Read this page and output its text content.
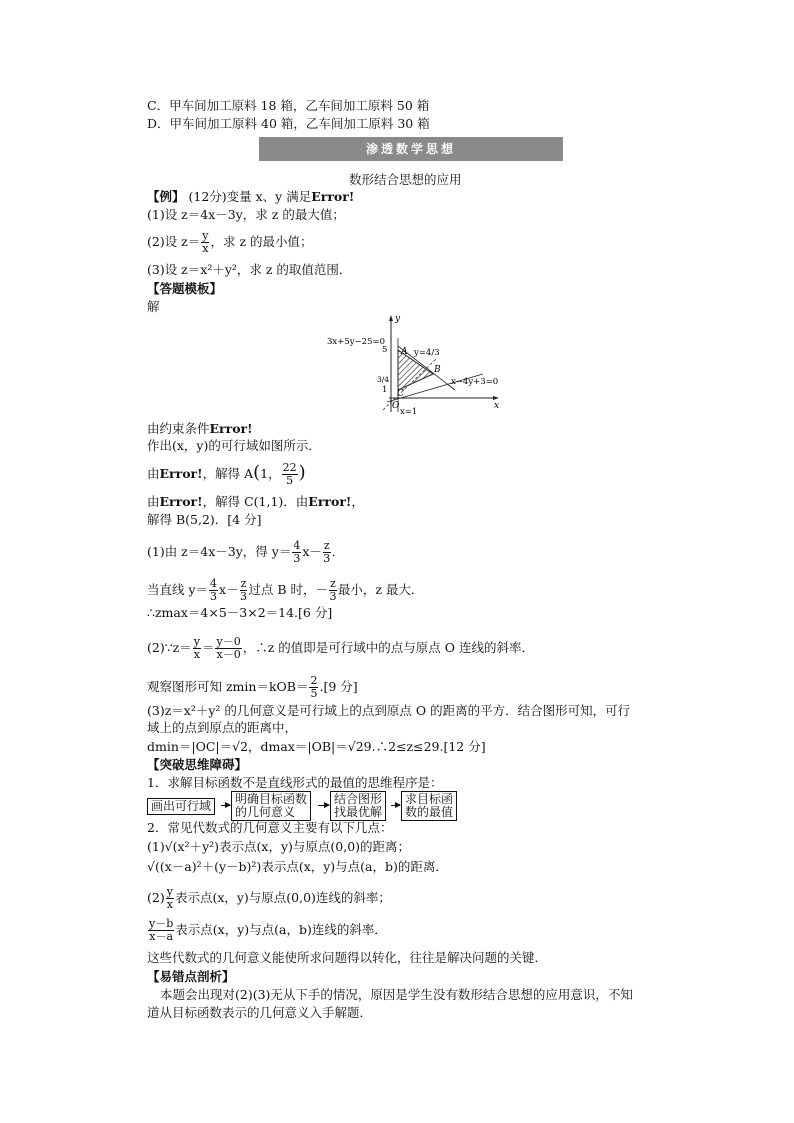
C．甲车间加工原料 18 箱，乙车间加工原料 50 箱
D．甲车间加工原料 40 箱，乙车间加工原料 30 箱
渗透数学思想
数形结合思想的应用
【例】 (12分)变量 x、y 满足Error!
(1)设 z＝4x－3y，求 z 的最大值；
(2)设 $z= \frac{y}{x}$ ，求 z 的最小值；
(3)设 z＝x²＋y²，求 z 的取值范围．
【答题模板】
解
3x+5y−25=0
y=4/3
x−4y+3=0
x=1
y
x
5
3/4
1
A
B
C
O
由约束条件Error!
作出(x，y)的可行域如图所示．
由Error!，解得 A(1， $\frac{22}{5}$ )
由Error!，解得 C(1,1)．由Error!，
解得 B(5,2)．[4 分]
(1)由 z＝4x－3y，得 $y= \frac{4}{3} x- \frac{z}{3}$ ．
当直线 $y= \frac{4}{3} x- \frac{z}{3}$ 过点 B 时，－ $\frac{z}{3}$ 最小，z 最大．
∴zmax＝4×5－3×2＝14.[6 分]
(2)∵z＝ $\frac{y}{x} = \frac{y-0}{x-0}$ ，∴z 的值即是可行域中的点与原点 O 连线的斜率．
观察图形可知 $zmin=kOB= \frac{2}{5} .[9$ 分]
(3)z＝x²＋y² 的几何意义是可行域上的点到原点 O 的距离的平方．结合图形可知，可行
域上的点到原点的距离中，
dmin＝|OC|＝√2，dmax＝|OB|＝√29.∴2≤z≤29.[12 分]
【突破思维障碍】
1．求解目标函数不是直线形式的最值的思维程序是：
画出可行域	明确目标函数
的几何意义
结合图形
找最优解
求目标函
数的最值
2．常见代数式的几何意义主要有以下几点：
(1)√(x²＋y²)表示点(x，y)与原点(0,0)的距离；
√((x－a)²＋(y－b)²)表示点(x，y)与点(a，b)的距离．
$(2) \frac{y}{x}$ 表示点(x，y)与原点(0,0)连线的斜率；
$\frac{y-b}{x-a}$ 表示点(x，y)与点(a，b)连线的斜率．
这些代数式的几何意义能使所求问题得以转化，往往是解决问题的关键．
【易错点剖析】
本题会出现对(2)(3)无从下手的情况，原因是学生没有数形结合思想的应用意识，不知
道从目标函数表示的几何意义入手解题．
